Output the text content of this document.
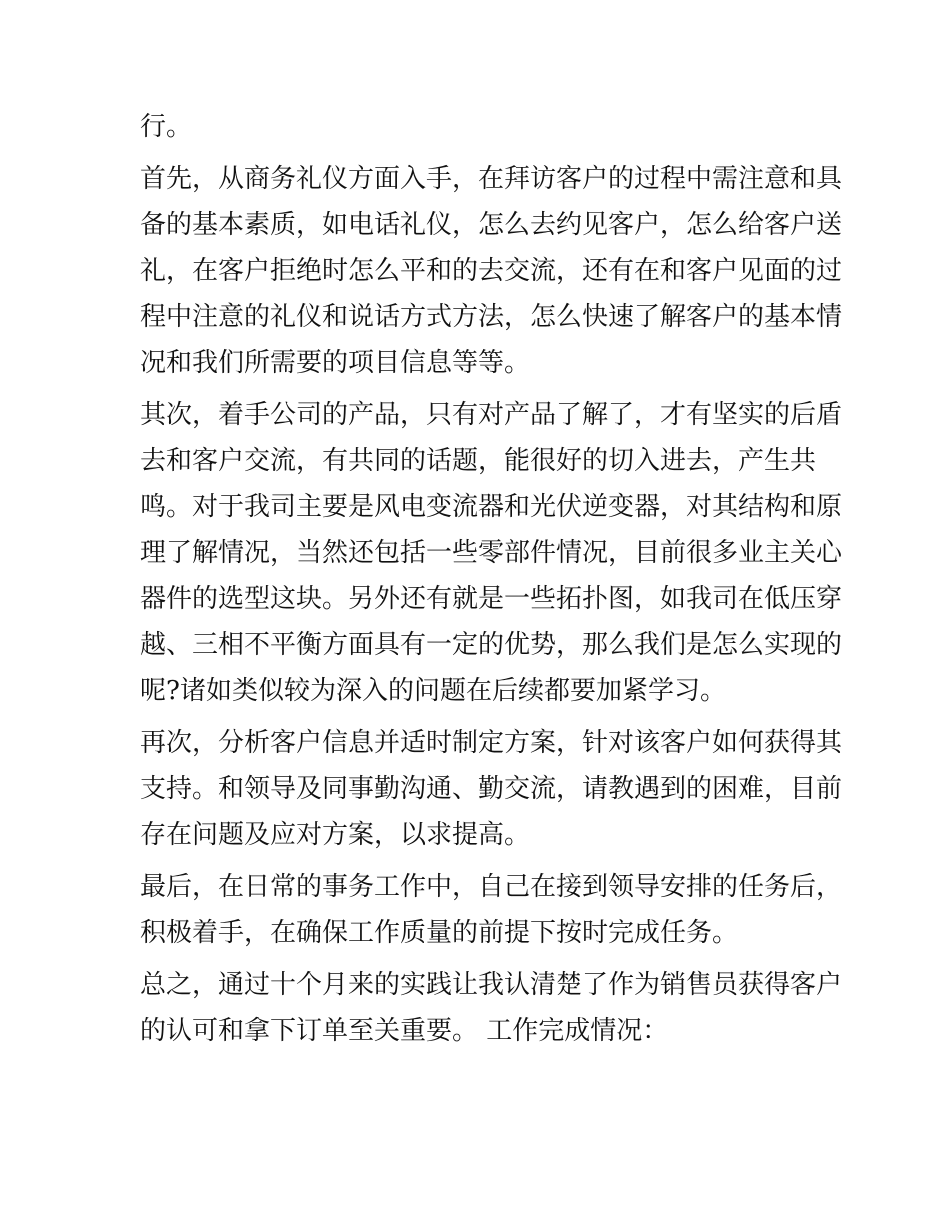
行。
首先，从商务礼仪方面入手，在拜访客户的过程中需注意和具
备的基本素质，如电话礼仪，怎么去约见客户，怎么给客户送
礼，在客户拒绝时怎么平和的去交流，还有在和客户见面的过
程中注意的礼仪和说话方式方法，怎么快速了解客户的基本情
况和我们所需要的项目信息等等。
其次，着手公司的产品，只有对产品了解了，才有坚实的后盾
去和客户交流，有共同的话题，能很好的切入进去，产生共
鸣。对于我司主要是风电变流器和光伏逆变器，对其结构和原
理了解情况，当然还包括一些零部件情况，目前很多业主关心
器件的选型这块。另外还有就是一些拓扑图，如我司在低压穿
越、三相不平衡方面具有一定的优势，那么我们是怎么实现的
呢?诸如类似较为深入的问题在后续都要加紧学习。
再次，分析客户信息并适时制定方案，针对该客户如何获得其
支持。和领导及同事勤沟通、勤交流，请教遇到的困难，目前
存在问题及应对方案，以求提高。
最后，在日常的事务工作中，自己在接到领导安排的任务后，
积极着手，在确保工作质量的前提下按时完成任务。
总之，通过十个月来的实践让我认清楚了作为销售员获得客户
的认可和拿下订单至关重要。 工作完成情况：
